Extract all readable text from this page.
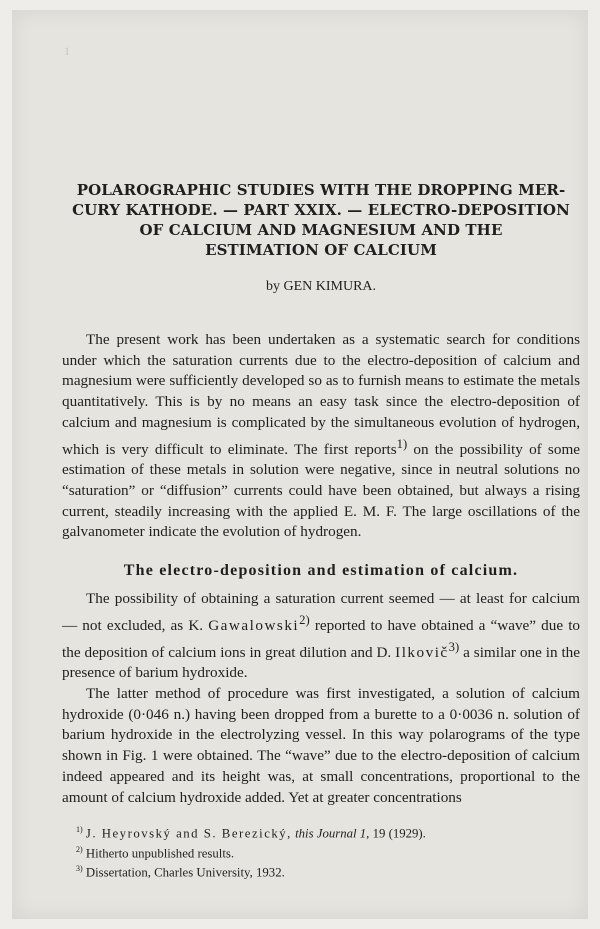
1
POLAROGRAPHIC STUDIES WITH THE DROPPING MER-
CURY KATHODE. — PART XXIX. — ELECTRO-DEPOSITION
OF CALCIUM AND MAGNESIUM AND THE
ESTIMATION OF CALCIUM

by GEN KIMURA.

The present work has been undertaken as a systematic search for conditions under which the saturation currents due to the electro-deposition of calcium and magnesium were sufficiently developed so as to furnish means to estimate the metals quantitatively. This is by no means an easy task since the electro-deposition of calcium and magnesium is complicated by the simultaneous evolution of hydrogen, which is very difficult to eliminate. The first reports$^{1)}$ on the possibility of some estimation of these metals in solution were negative, since in neutral solutions no “saturation” or “diffusion” currents could have been obtained, but always a rising current, steadily increasing with the applied E. M. F. The large oscillations of the galvanometer indicate the evolution of hydrogen.

The electro-deposition and estimation of calcium.

The possibility of obtaining a saturation current seemed — at least for calcium — not excluded, as K. Gawalowski$^{2)}$ reported to have obtained a “wave” due to the deposition of calcium ions in great dilution and D. Ilkovič$^{3)}$ a similar one in the presence of barium hydroxide.

The latter method of procedure was first investigated, a solution of calcium hydroxide (0·046 n.) having been dropped from a burette to a 0·0036 n. solution of barium hydroxide in the electrolyzing vessel. In this way polarograms of the type shown in Fig. 1 were obtained. The “wave” due to the electro-deposition of calcium indeed appeared and its height was, at small concentrations, proportional to the amount of calcium hydroxide added. Yet at greater concentrations

$^{1)}$ J. Heyrovský and S. Berezický, this Journal 1, 19 (1929).
$^{2)}$ Hitherto unpublished results.
$^{3)}$ Dissertation, Charles University, 1932.
